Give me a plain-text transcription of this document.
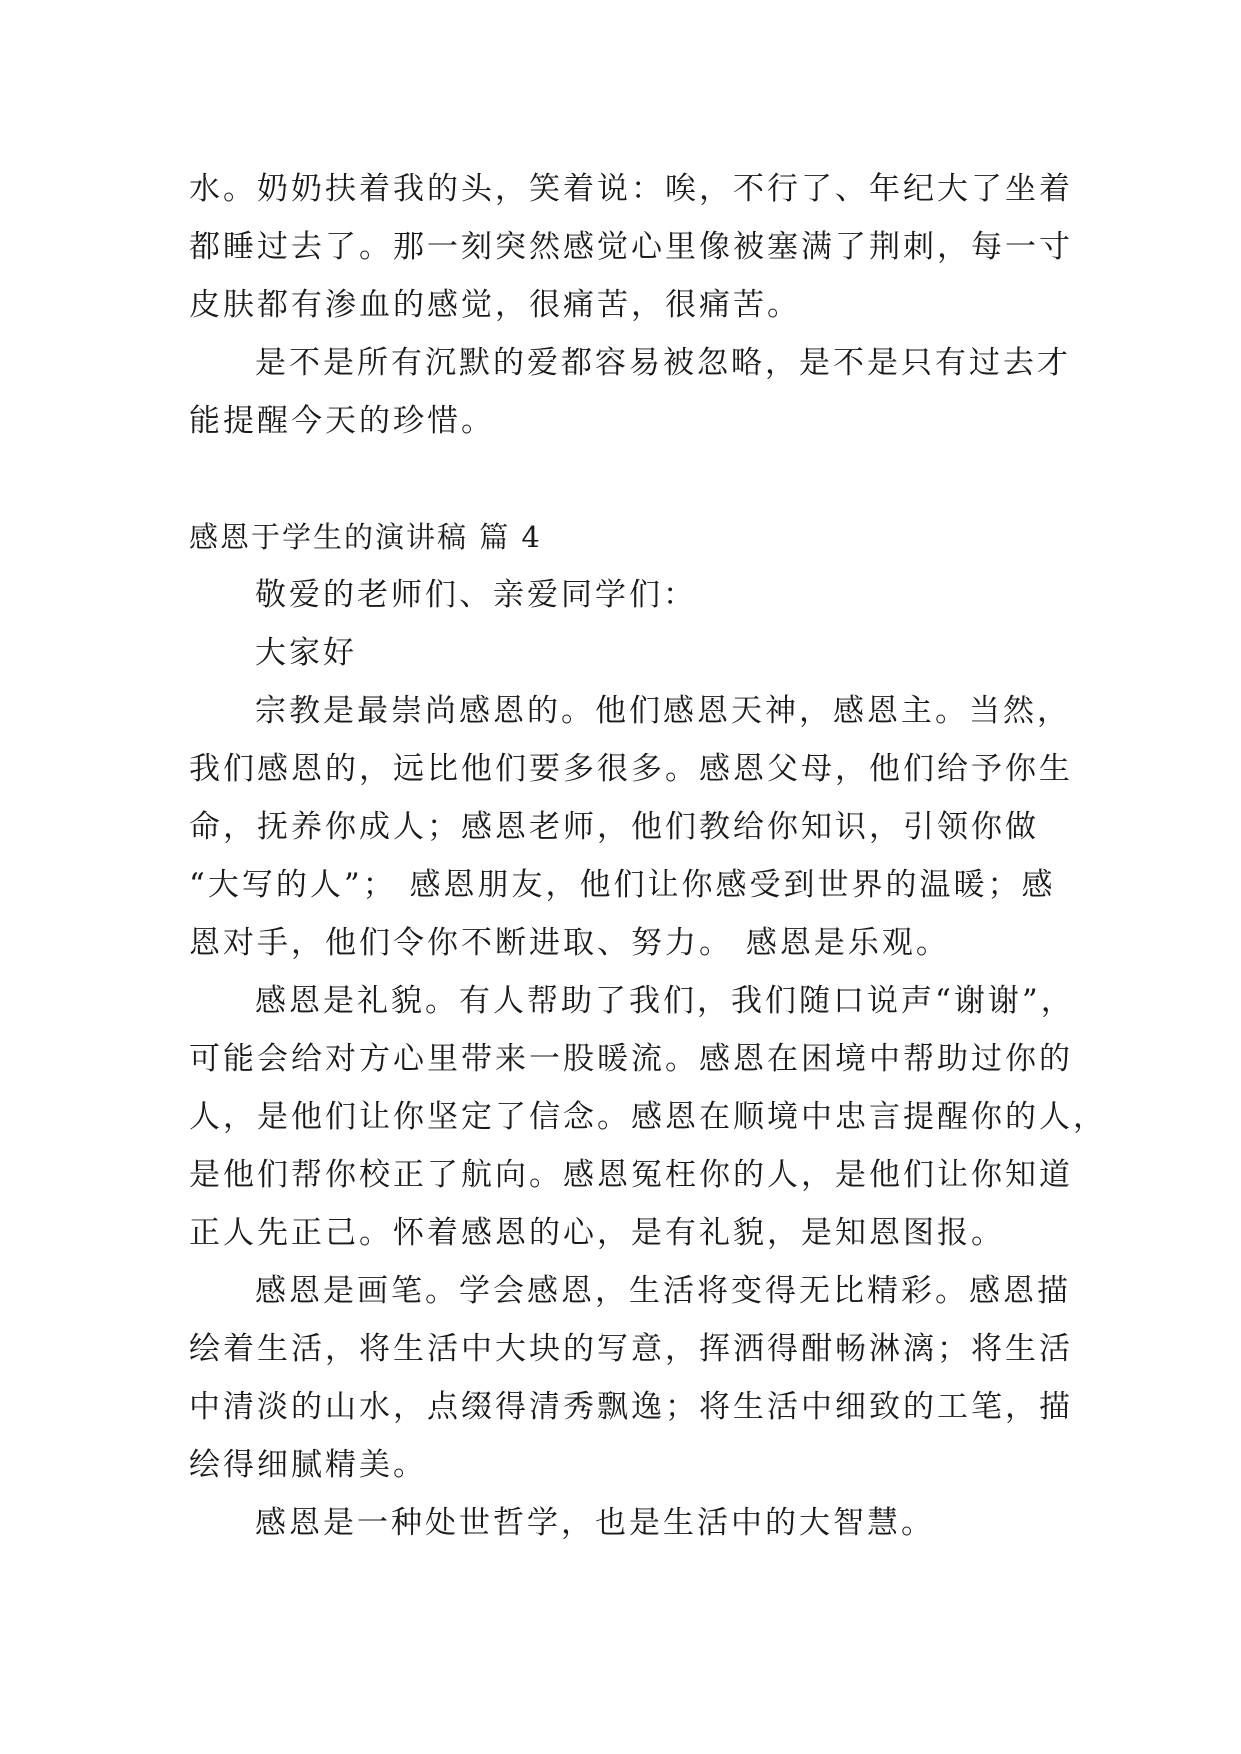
水。奶奶扶着我的头，笑着说：唉，不行了、年纪大了坐着
都睡过去了。那一刻突然感觉心里像被塞满了荆刺，每一寸
皮肤都有渗血的感觉，很痛苦，很痛苦。
是不是所有沉默的爱都容易被忽略，是不是只有过去才
能提醒今天的珍惜。
感恩于学生的演讲稿 篇 4
敬爱的老师们、亲爱同学们：
大家好
宗教是最崇尚感恩的。他们感恩天神，感恩主。当然，
我们感恩的，远比他们要多很多。感恩父母，他们给予你生
命，抚养你成人；感恩老师，他们教给你知识，引领你做
“大写的人”； 感恩朋友，他们让你感受到世界的温暖；感
恩对手，他们令你不断进取、努力。 感恩是乐观。
感恩是礼貌。有人帮助了我们，我们随口说声“谢谢”，
可能会给对方心里带来一股暖流。感恩在困境中帮助过你的
人，是他们让你坚定了信念。感恩在顺境中忠言提醒你的人，
是他们帮你校正了航向。感恩冤枉你的人，是他们让你知道
正人先正己。怀着感恩的心，是有礼貌，是知恩图报。
感恩是画笔。学会感恩，生活将变得无比精彩。感恩描
绘着生活，将生活中大块的写意，挥洒得酣畅淋漓；将生活
中清淡的山水，点缀得清秀飘逸；将生活中细致的工笔，描
绘得细腻精美。
感恩是一种处世哲学，也是生活中的大智慧。
